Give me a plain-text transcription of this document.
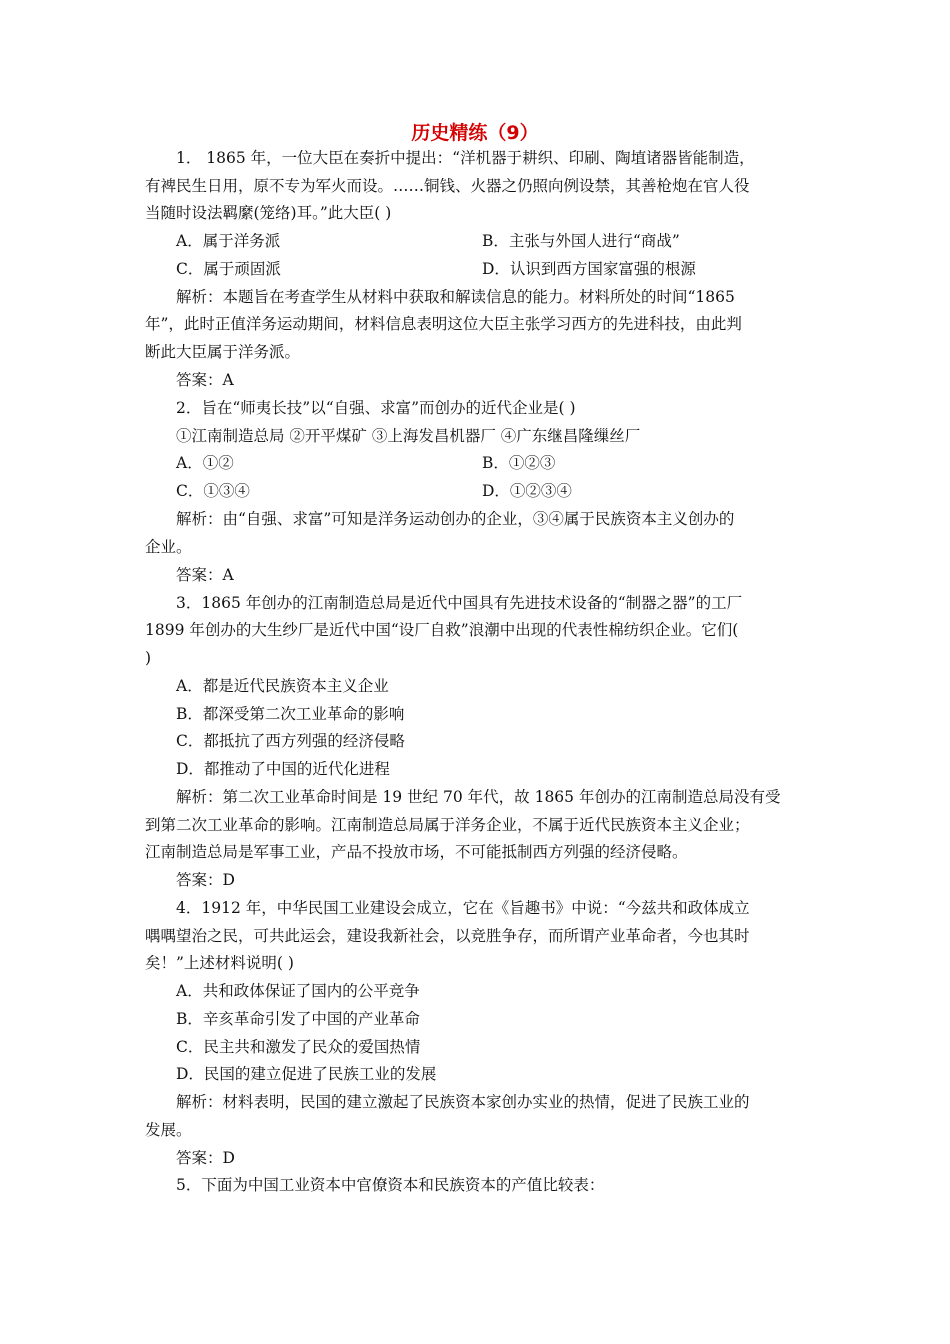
历史精练（9）
1． 1865 年，一位大臣在奏折中提出：“洋机器于耕织、印刷、陶埴诸器皆能制造，
有裨民生日用，原不专为军火而设。……铜钱、火器之仍照向例设禁，其善枪炮在官人役
当随时设法羁縻(笼络)耳。”此大臣( )
A．属于洋务派	B．主张与外国人进行“商战”
C．属于顽固派	D．认识到西方国家富强的根源
解析：本题旨在考查学生从材料中获取和解读信息的能力。材料所处的时间“1865
年”，此时正值洋务运动期间，材料信息表明这位大臣主张学习西方的先进科技，由此判
断此大臣属于洋务派。
答案：A
2．旨在“师夷长技”以“自强、求富”而创办的近代企业是( )
①江南制造总局 ②开平煤矿 ③上海发昌机器厂 ④广东继昌隆缫丝厂
A．①②	B．①②③
C．①③④	D．①②③④
解析：由“自强、求富”可知是洋务运动创办的企业，③④属于民族资本主义创办的
企业。
答案：A
3．1865 年创办的江南制造总局是近代中国具有先进技术设备的“制器之器”的工厂
1899 年创办的大生纱厂是近代中国“设厂自救”浪潮中出现的代表性棉纺织企业。它们(
)
A．都是近代民族资本主义企业
B．都深受第二次工业革命的影响
C．都抵抗了西方列强的经济侵略
D．都推动了中国的近代化进程
解析：第二次工业革命时间是 19 世纪 70 年代，故 1865 年创办的江南制造总局没有受
到第二次工业革命的影响。江南制造总局属于洋务企业，不属于近代民族资本主义企业；
江南制造总局是军事工业，产品不投放市场，不可能抵制西方列强的经济侵略。
答案：D
4．1912 年，中华民国工业建设会成立，它在《旨趣书》中说：“今兹共和政体成立
喁喁望治之民，可共此运会，建设我新社会，以竞胜争存，而所谓产业革命者，今也其时
矣！”上述材料说明( )
A．共和政体保证了国内的公平竞争
B．辛亥革命引发了中国的产业革命
C．民主共和激发了民众的爱国热情
D．民国的建立促进了民族工业的发展
解析：材料表明，民国的建立激起了民族资本家创办实业的热情，促进了民族工业的
发展。
答案：D
5．下面为中国工业资本中官僚资本和民族资本的产值比较表：
